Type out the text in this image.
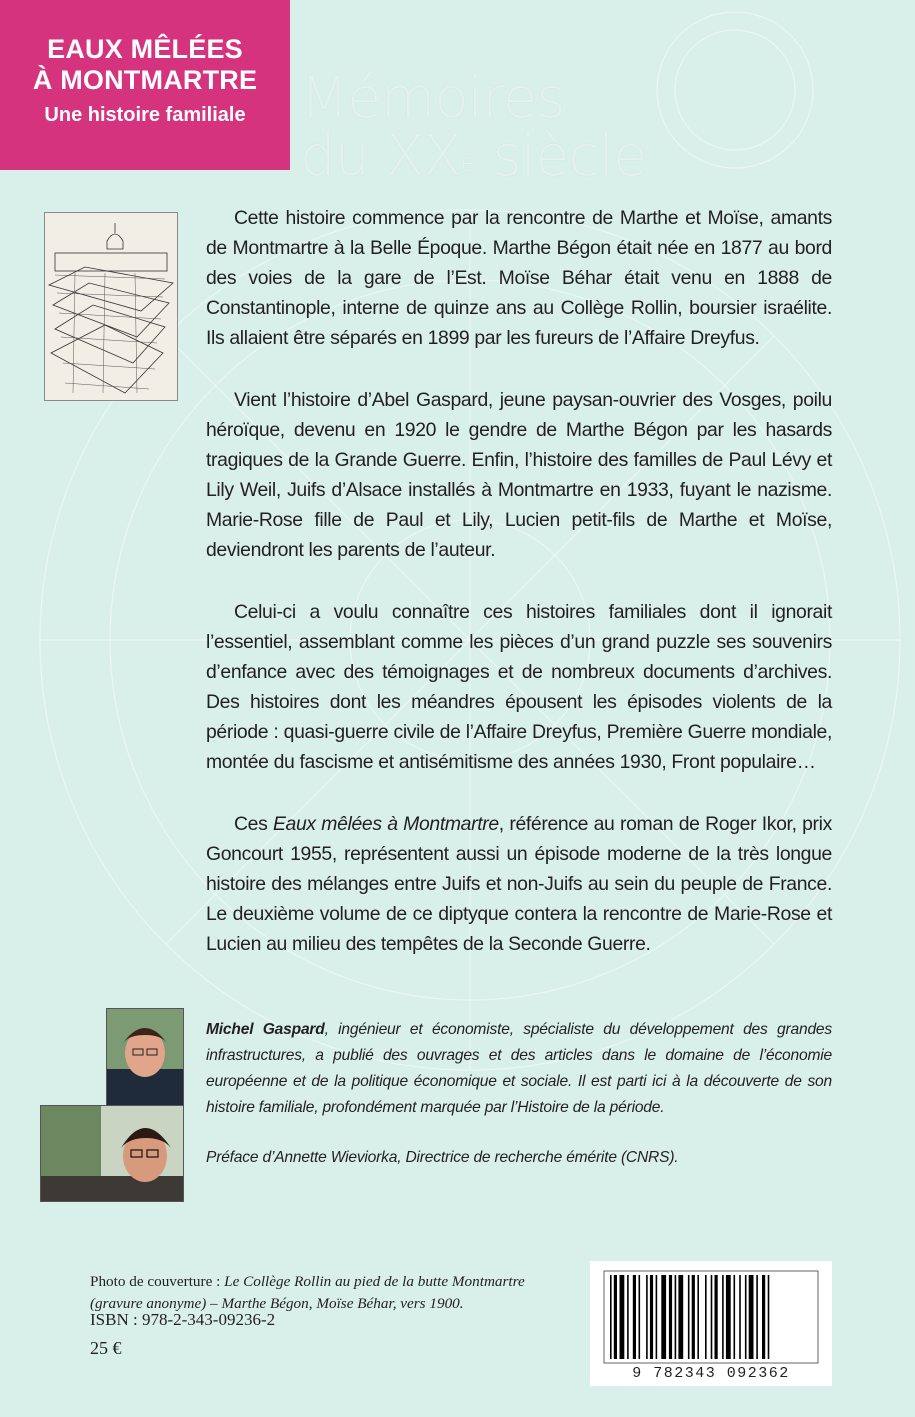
EAUX MÊLÉES
À MONTMARTRE
Une histoire familiale Mémoires
du XXe siècle

Cette histoire commence par la rencontre de Marthe et Moïse, amants de Montmartre à la Belle Époque. Marthe Bégon était née en 1877 au bord des voies de la gare de l’Est. Moïse Béhar était venu en 1888 de Constantinople, interne de quinze ans au Collège Rollin, boursier israélite. Ils allaient être séparés en 1899 par les fureurs de l’Affaire Dreyfus.

Vient l’histoire d’Abel Gaspard, jeune paysan-ouvrier des Vosges, poilu héroïque, devenu en 1920 le gendre de Marthe Bégon par les hasards tragiques de la Grande Guerre. Enfin, l’histoire des familles de Paul Lévy et Lily Weil, Juifs d’Alsace installés à Montmartre en 1933, fuyant le nazisme. Marie-Rose fille de Paul et Lily, Lucien petit-fils de Marthe et Moïse, deviendront les parents de l’auteur.

Celui-ci a voulu connaître ces histoires familiales dont il ignorait l’essentiel, assemblant comme les pièces d’un grand puzzle ses souvenirs d’enfance avec des témoignages et de nombreux documents d’archives. Des histoires dont les méandres épousent les épisodes violents de la période : quasi-guerre civile de l’Affaire Dreyfus, Première Guerre mondiale, montée du fascisme et antisémitisme des années 1930, Front populaire…

Ces Eaux mêlées à Montmartre, référence au roman de Roger Ikor, prix Goncourt 1955, représentent aussi un épisode moderne de la très longue histoire des mélanges entre Juifs et non-Juifs au sein du peuple de France. Le deuxième volume de ce diptyque contera la rencontre de Marie-Rose et Lucien au milieu des tempêtes de la Seconde Guerre.

Michel Gaspard, ingénieur et économiste, spécialiste du développement des grandes infrastructures, a publié des ouvrages et des articles dans le domaine de l’économie européenne et de la politique économique et sociale. Il est parti ici à la découverte de son histoire familiale, profondément marquée par l’Histoire de la période.
Préface d’Annette Wieviorka, Directrice de recherche émérite (CNRS).
Photo de couverture : Le Collège Rollin au pied de la butte Montmartre (gravure anonyme) – Marthe Bégon, Moïse Béhar, vers 1900.
ISBN : 978-2-343-09236-2
25 €
9 782343 092362
